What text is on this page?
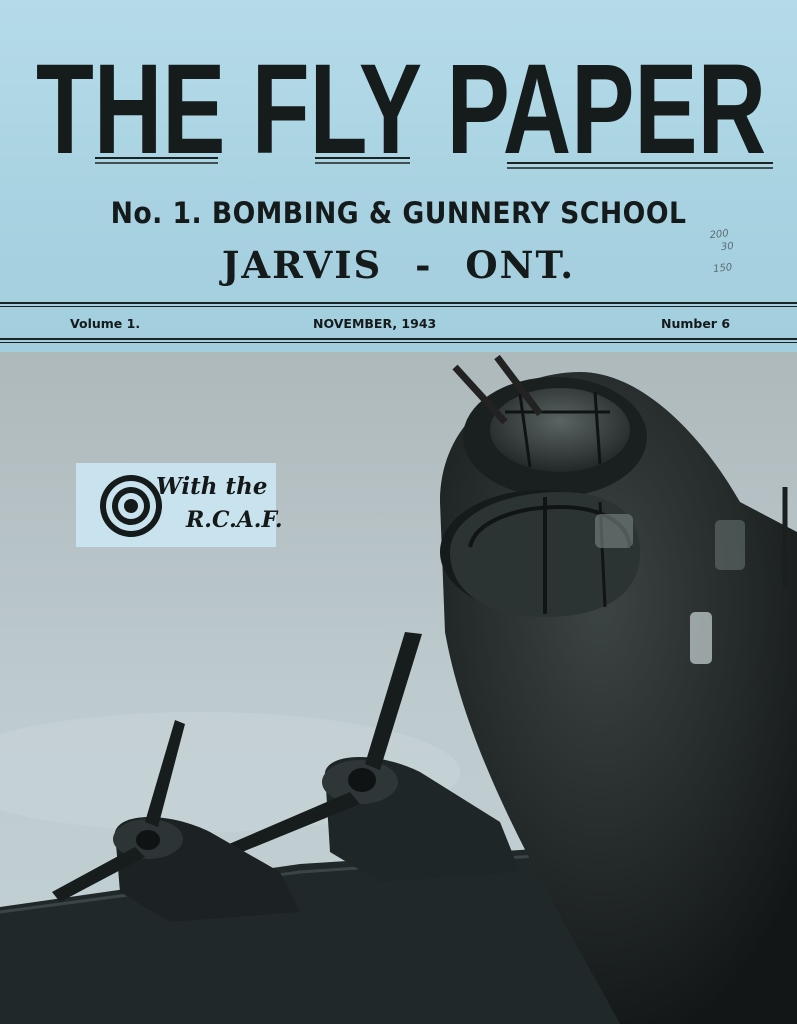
THE FLY PAPER
No. 1. BOMBING & GUNNERY SCHOOL
JARVIS - ONT.
200
30
150
Volume 1.	NOVEMBER, 1943	Number 6
With the
R.C.A.F.
